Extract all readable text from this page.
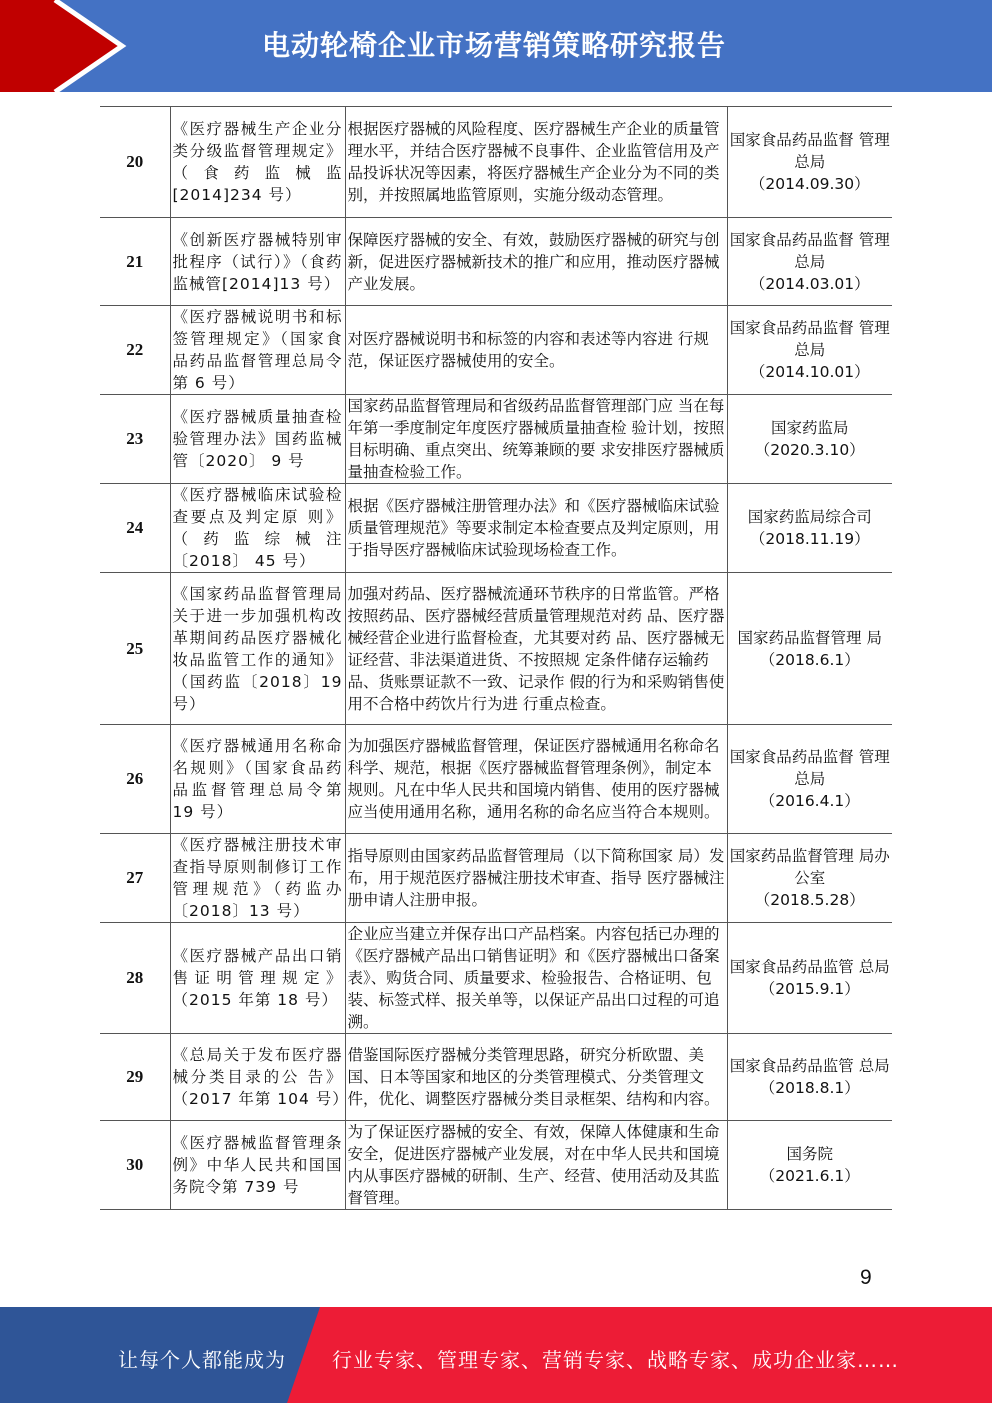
电动轮椅企业市场营销策略研究报告
20	《医疗器械生产企业分类分级监督管理规定》（食药监械监[2014]234 号）	根据医疗器械的风险程度、医疗器械生产企业的质量管理水平，并结合医疗器械不良事件、企业监管信用及产品投诉状况等因素，将医疗器械生产企业分为不同的类别，并按照属地监管原则，实施分级动态管理。	国家食品药品监督 管理总局
（2014.09.30）

21	《创新医疗器械特别审批程序（试行）》（食药 监械管[2014]13 号）	保障医疗器械的安全、有效，鼓励医疗器械的研究与创新，促进医疗器械新技术的推广和应用，推动医疗器械产业发展。	国家食品药品监督 管理总局
（2014.03.01）

22	《医疗器械说明书和标签管理规定》（国家食品药品监督管理总局令第 6 号）	对医疗器械说明书和标签的内容和表述等内容进 行规范，保证医疗器械使用的安全。	国家食品药品监督 管理总局
（2014.10.01）

23	《医疗器械质量抽查检验管理办法》国药监械管〔2020〕 9 号	国家药品监督管理局和省级药品监督管理部门应 当在每年第一季度制定年度医疗器械质量抽查检 验计划，按照目标明确、重点突出、统筹兼顾的要 求安排医疗器械质量抽查检验工作。	国家药监局
（2020.3.10）

24	《医疗器械临床试验检查要点及判定原 则》（药监综械注〔2018〕 45 号）	根据《医疗器械注册管理办法》和《医疗器械临床试验质量管理规范》等要求制定本检查要点及判定原则，用于指导医疗器械临床试验现场检查工作。	国家药监局综合司
（2018.11.19）

25	《国家药品监督管理局关于进一步加强机构改革期间药品医疗器械化妆品监管工作的通知》（国药监〔2018〕19 号）	加强对药品、医疗器械流通环节秩序的日常监管。严格按照药品、医疗器械经营质量管理规范对药 品、医疗器械经营企业进行监督检查，尤其要对药 品、医疗器械无证经营、非法渠道进货、不按照规 定条件储存运输药品、货账票证款不一致、记录作 假的行为和采购销售使用不合格中药饮片行为进 行重点检查。	国家药品监督管理 局
（2018.6.1）

26	《医疗器械通用名称命名规则》（国家食品药品监督管理总局令第 19 号）	为加强医疗器械监督管理，保证医疗器械通用名称命名科学、规范，根据《医疗器械监督管理条例》，制定本规则。凡在中华人民共和国境内销售、使用的医疗器械应当使用通用名称，通用名称的命名应当符合本规则。	国家食品药品监督 管理总局
（2016.4.1）

27	《医疗器械注册技术审查指导原则制修订工作管理规范》（药监办〔2018〕13 号）	指导原则由国家药品监督管理局（以下简称国家 局）发布，用于规范医疗器械注册技术审查、指导 医疗器械注册申请人注册申报。	国家药品监督管理 局办公室
（2018.5.28）

28	《医疗器械产品出口销售证明管理规定》（2015 年第 18 号）	企业应当建立并保存出口产品档案。内容包括已办理的《医疗器械产品出口销售证明》和《医疗器械出口备案表》、购货合同、质量要求、检验报告、合格证明、包装、标签式样、报关单等，以保证产品出口过程的可追溯。	国家食品药品监管 总局
（2015.9.1）

29	《总局关于发布医疗器械分类目录的公 告》（2017 年第 104 号）	借鉴国际医疗器械分类管理思路，研究分析欧盟、美国、日本等国家和地区的分类管理模式、分类管理文件，优化、调整医疗器械分类目录框架、结构和内容。	国家食品药品监管 总局
（2018.8.1）

30	《医疗器械监督管理条例》中华人民共和国国务院令第 739 号	为了保证医疗器械的安全、有效，保障人体健康和生命安全，促进医疗器械产业发展，对在中华人民共和国境内从事医疗器械的研制、生产、经营、使用活动及其监督管理。	国务院
（2021.6.1）
9
让每个人都能成为 行业专家、管理专家、营销专家、战略专家、成功企业家……
